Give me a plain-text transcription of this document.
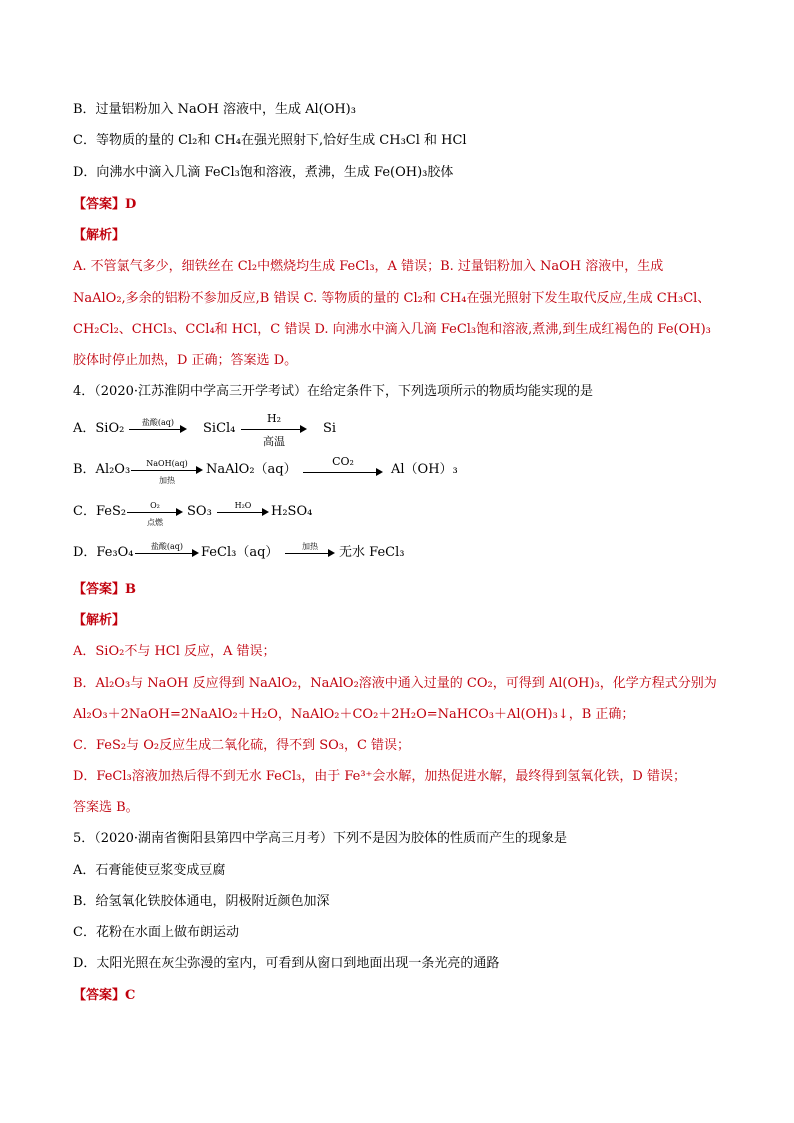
B．过量铝粉加入 NaOH 溶液中，生成 Al(OH)₃
C．等物质的量的 Cl₂和 CH₄在强光照射下,恰好生成 CH₃Cl 和 HCl
D．向沸水中滴入几滴 FeCl₃饱和溶液，煮沸，生成 Fe(OH)₃胶体
【答案】D
【解析】
A. 不管氯气多少，细铁丝在 Cl₂中燃烧均生成 FeCl₃，A 错误；B. 过量铝粉加入 NaOH 溶液中，生成
NaAlO₂,多余的铝粉不参加反应,B 错误 C. 等物质的量的 Cl₂和 CH₄在强光照射下发生取代反应,生成 CH₃Cl、
CH₂Cl₂、CHCl₃、CCl₄和 HCl，C 错误 D. 向沸水中滴入几滴 FeCl₃饱和溶液,煮沸,到生成红褐色的 Fe(OH)₃
胶体时停止加热，D 正确；答案选 D。
4．（2020·江苏淮阴中学高三开学考试）在给定条件下，下列选项所示的物质均能实现的是
A．SiO₂	盐酸(aq)	SiCl₄
H₂
高温
Si
B．Al₂O₃	NaOH(aq)
加热
NaAlO₂（aq）
CO₂
Al（OH）₃
C．FeS₂	O₂
点燃
SO₃	H₂O	H₂SO₄
D．Fe₃O₄	盐酸(aq)	FeCl₃（aq）	加热	无水 FeCl₃
【答案】B
【解析】
A．SiO₂不与 HCl 反应，A 错误；
B．Al₂O₃与 NaOH 反应得到 NaAlO₂，NaAlO₂溶液中通入过量的 CO₂，可得到 Al(OH)₃，化学方程式分别为
Al₂O₃＋2NaOH=2NaAlO₂＋H₂O，NaAlO₂＋CO₂＋2H₂O=NaHCO₃＋Al(OH)₃↓，B 正确；
C．FeS₂与 O₂反应生成二氧化硫，得不到 SO₃，C 错误；
D．FeCl₃溶液加热后得不到无水 FeCl₃，由于 Fe³⁺会水解，加热促进水解，最终得到氢氧化铁，D 错误；
答案选 B。
5．（2020·湖南省衡阳县第四中学高三月考）下列不是因为胶体的性质而产生的现象是
A．石膏能使豆浆变成豆腐
B．给氢氧化铁胶体通电，阴极附近颜色加深
C．花粉在水面上做布朗运动
D．太阳光照在灰尘弥漫的室内，可看到从窗口到地面出现一条光亮的通路
【答案】C
